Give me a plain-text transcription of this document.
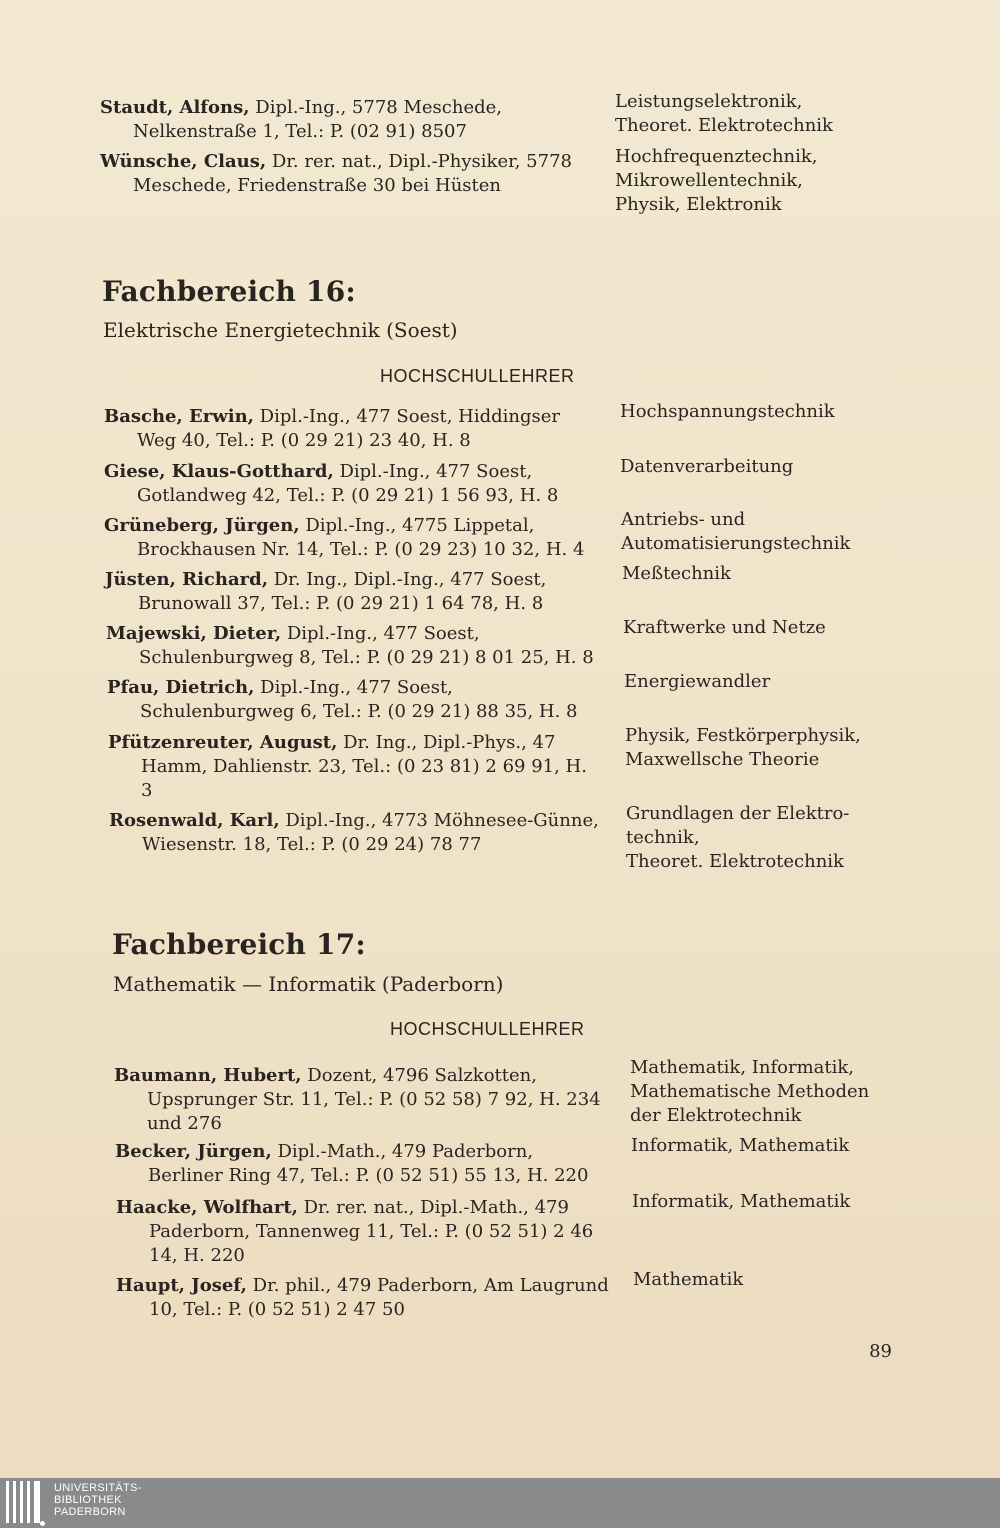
Staudt, Alfons, Dipl.-Ing., 5778 Meschede, Nelkenstraße 1, Tel.: P. (02 91) 8507
Leistungselektronik,
Theoret. Elektrotechnik
Wünsche, Claus, Dr. rer. nat., Dipl.-Physiker, 5778 Meschede, Friedenstraße 30 bei Hüsten
Hochfrequenztechnik,
Mikrowellentechnik,
Physik, Elektronik
Fachbereich 16:
Elektrische Energietechnik (Soest)
HOCHSCHULLEHRER
Basche, Erwin, Dipl.-Ing., 477 Soest, Hiddingser Weg 40, Tel.: P. (0 29 21) 23 40, H. 8
Hochspannungstechnik
Giese, Klaus-Gotthard, Dipl.-Ing., 477 Soest, Gotlandweg 42, Tel.: P. (0 29 21) 1 56 93, H. 8
Datenverarbeitung
Grüneberg, Jürgen, Dipl.-Ing., 4775 Lippetal, Brockhausen Nr. 14, Tel.: P. (0 29 23) 10 32, H. 4
Antriebs- und
Automatisierungstechnik
Jüsten, Richard, Dr. Ing., Dipl.-Ing., 477 Soest, Brunowall 37, Tel.: P. (0 29 21) 1 64 78, H. 8
Meßtechnik
Majewski, Dieter, Dipl.-Ing., 477 Soest, Schulenburgweg 8, Tel.: P. (0 29 21) 8 01 25, H. 8
Kraftwerke und Netze
Pfau, Dietrich, Dipl.-Ing., 477 Soest, Schulenburgweg 6, Tel.: P. (0 29 21) 88 35, H. 8
Energiewandler
Pfützenreuter, August, Dr. Ing., Dipl.-Phys., 47 Hamm, Dahlienstr. 23, Tel.: (0 23 81) 2 69 91, H. 3
Physik, Festkörperphysik,
Maxwellsche Theorie
Rosenwald, Karl, Dipl.-Ing., 4773 Möhnesee-Günne, Wiesenstr. 18, Tel.: P. (0 29 24) 78 77
Grundlagen der Elektro-
technik,
Theoret. Elektrotechnik
Fachbereich 17:
Mathematik — Informatik (Paderborn)
HOCHSCHULLEHRER
Baumann, Hubert, Dozent, 4796 Salzkotten, Upsprunger Str. 11, Tel.: P. (0 52 58) 7 92, H. 234 und 276
Mathematik, Informatik,
Mathematische Methoden
der Elektrotechnik
Becker, Jürgen, Dipl.-Math., 479 Paderborn, Berliner Ring 47, Tel.: P. (0 52 51) 55 13, H. 220
Informatik, Mathematik
Haacke, Wolfhart, Dr. rer. nat., Dipl.-Math., 479 Paderborn, Tannenweg 11, Tel.: P. (0 52 51) 2 46 14, H. 220
Informatik, Mathematik
Haupt, Josef, Dr. phil., 479 Paderborn, Am Laugrund 10, Tel.: P. (0 52 51) 2 47 50
Mathematik
89
UNIVERSITÄTS-
BIBLIOTHEK
PADERBORN
